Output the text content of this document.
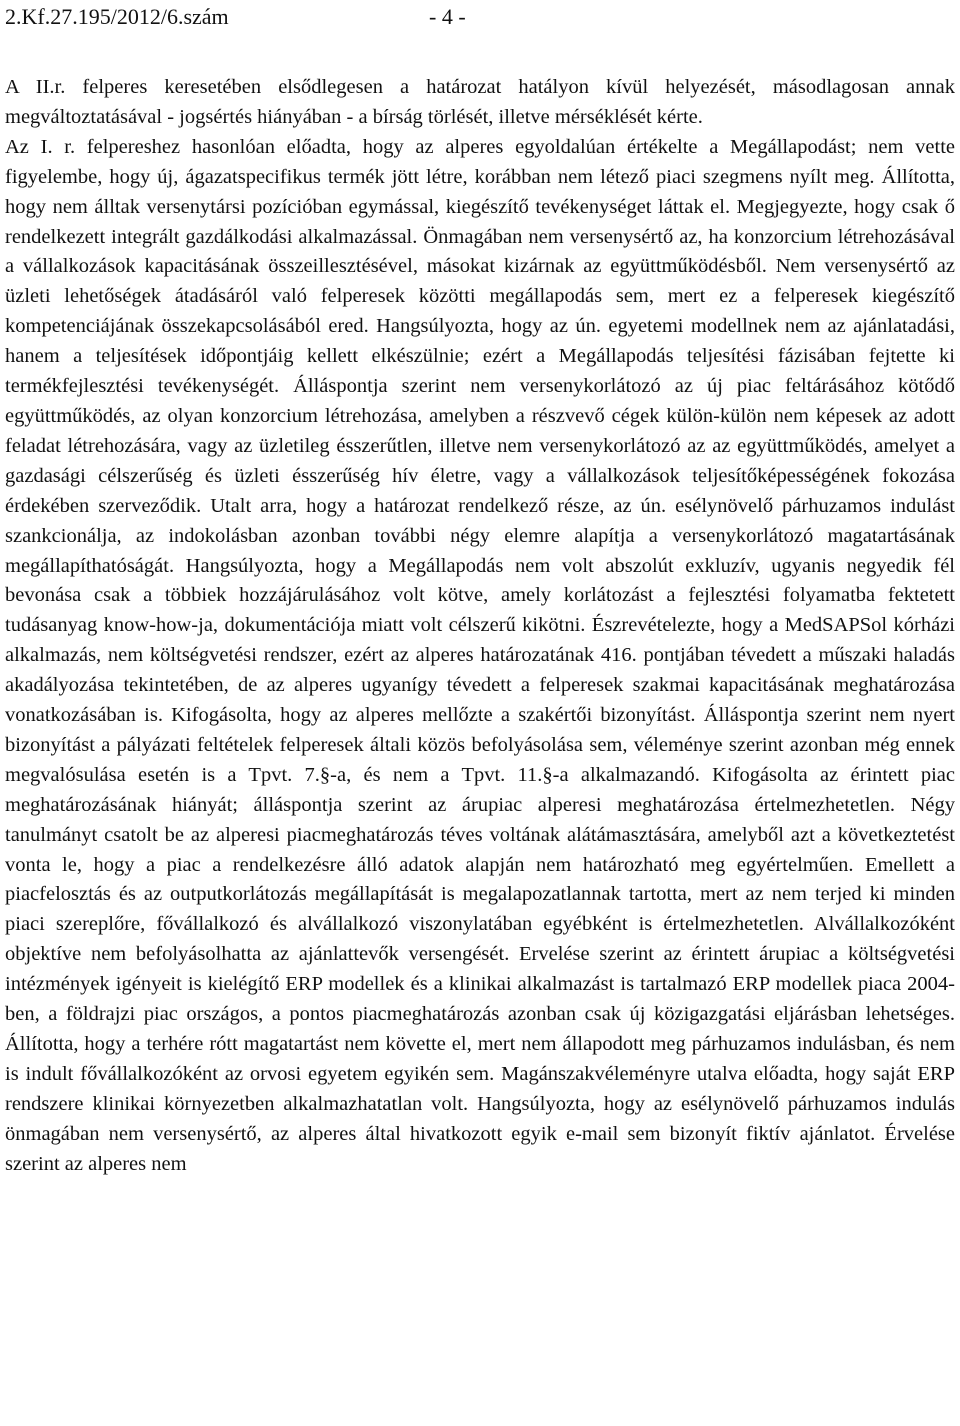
2.Kf.27.195/2012/6.szám	- 4 -

A II.r. felperes keresetében elsődlegesen a határozat hatályon kívül helyezését, másodlagosan annak megváltoztatásával - jogsértés hiányában - a bírság törlését, illetve mérséklését kérte.

Az I. r. felpereshez hasonlóan előadta, hogy az alperes egyoldalúan értékelte a Megállapodást; nem vette figyelembe, hogy új, ágazatspecifikus termék jött létre, korábban nem létező piaci szegmens nyílt meg. Állította, hogy nem álltak versenytársi pozícióban egymással, kiegészítő tevékenységet láttak el. Megjegyezte, hogy csak ő rendelkezett integrált gazdálkodási alkalmazással. Önmagában nem versenysértő az, ha konzorcium létrehozásával a vállalkozások kapacitásának összeillesztésével, másokat kizárnak az együttműködésből. Nem versenysértő az üzleti lehetőségek átadásáról való felperesek közötti megállapodás sem, mert ez a felperesek kiegészítő kompetenciájának összekapcsolásából ered. Hangsúlyozta, hogy az ún. egyetemi modellnek nem az ajánlatadási, hanem a teljesítések időpontjáig kellett elkészülnie; ezért a Megállapodás teljesítési fázisában fejtette ki termékfejlesztési tevékenységét. Álláspontja szerint nem versenykorlátozó az új piac feltárásához kötődő együttműködés, az olyan konzorcium létrehozása, amelyben a részvevő cégek külön-külön nem képesek az adott feladat létrehozására, vagy az üzletileg ésszerűtlen, illetve nem versenykorlátozó az az együttműködés, amelyet a gazdasági célszerűség és üzleti ésszerűség hív életre, vagy a vállalkozások teljesítőképességének fokozása érdekében szerveződik. Utalt arra, hogy a határozat rendelkező része, az ún. esélynövelő párhuzamos indulást szankcionálja, az indokolásban azonban további négy elemre alapítja a versenykorlátozó magatartásának megállapíthatóságát. Hangsúlyozta, hogy a Megállapodás nem volt abszolút exkluzív, ugyanis negyedik fél bevonása csak a többiek hozzájárulásához volt kötve, amely korlátozást a fejlesztési folyamatba fektetett tudásanyag know-how-ja, dokumentációja miatt volt célszerű kikötni. Észrevételezte, hogy a MedSAPSol kórházi alkalmazás, nem költségvetési rendszer, ezért az alperes határozatának 416. pontjában tévedett a műszaki haladás akadályozása tekintetében, de az alperes ugyanígy tévedett a felperesek szakmai kapacitásának meghatározása vonatkozásában is. Kifogásolta, hogy az alperes mellőzte a szakértői bizonyítást. Álláspontja szerint nem nyert bizonyítást a pályázati feltételek felperesek általi közös befolyásolása sem, véleménye szerint azonban még ennek megvalósulása esetén is a Tpvt. 7.§-a, és nem a Tpvt. 11.§-a alkalmazandó. Kifogásolta az érintett piac meghatározásának hiányát; álláspontja szerint az árupiac alperesi meghatározása értelmezhetetlen. Négy tanulmányt csatolt be az alperesi piacmeghatározás téves voltának alátámasztására, amelyből azt a következtetést vonta le, hogy a piac a rendelkezésre álló adatok alapján nem határozható meg egyértelműen. Emellett a piacfelosztás és az outputkorlátozás megállapítását is megalapozatlannak tartotta, mert az nem terjed ki minden piaci szereplőre, fővállalkozó és alvállalkozó viszonylatában egyébként is értelmezhetetlen. Alvállalkozóként objektíve nem befolyásolhatta az ajánlattevők versengését. Ervelése szerint az érintett árupiac a költségvetési intézmények igényeit is kielégítő ERP modellek és a klinikai alkalmazást is tartalmazó ERP modellek piaca 2004-ben, a földrajzi piac országos, a pontos piacmeghatározás azonban csak új közigazgatási eljárásban lehetséges. Állította, hogy a terhére rótt magatartást nem követte el, mert nem állapodott meg párhuzamos indulásban, és nem is indult fővállalkozóként az orvosi egyetem egyikén sem. Magánszakvéleményre utalva előadta, hogy saját ERP rendszere klinikai környezetben alkalmazhatatlan volt. Hangsúlyozta, hogy az esélynövelő párhuzamos indulás önmagában nem versenysértő, az alperes által hivatkozott egyik e-mail sem bizonyít fiktív ajánlatot. Érvelése szerint az alperes nem
